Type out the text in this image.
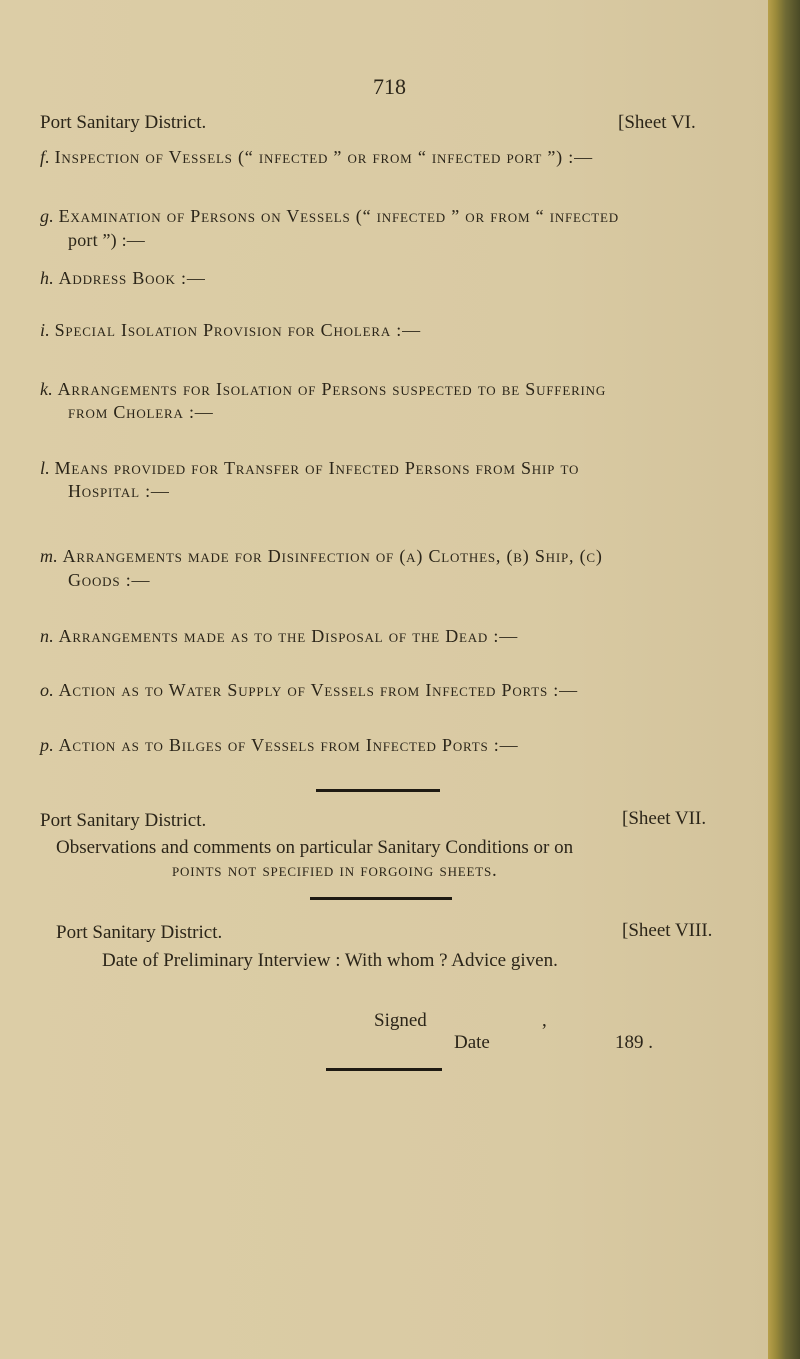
718
Port Sanitary District.	[Sheet VI.
f. Inspection of Vessels (“ infected ” or from “ infected port ”) :—
g. Examination of Persons on Vessels (“ infected ” or from “ infected
port ”) :—
h. Address Book :—
i. Special Isolation Provision for Cholera :—
k. Arrangements for Isolation of Persons suspected to be Suffering
from Cholera :—
l. Means provided for Transfer of Infected Persons from Ship to
Hospital :—
m. Arrangements made for Disinfection of (a) Clothes, (b) Ship, (c)
Goods :—
n. Arrangements made as to the Disposal of the Dead :—
o. Action as to Water Supply of Vessels from Infected Ports :—
p. Action as to Bilges of Vessels from Infected Ports :—
Port Sanitary District.	[Sheet VII.
Observations and comments on particular Sanitary Conditions or on
points not specified in forgoing sheets.
Port Sanitary District.	[Sheet VIII.
Date of Preliminary Interview : With whom ? Advice given.
Signed	,
Date	189 .
